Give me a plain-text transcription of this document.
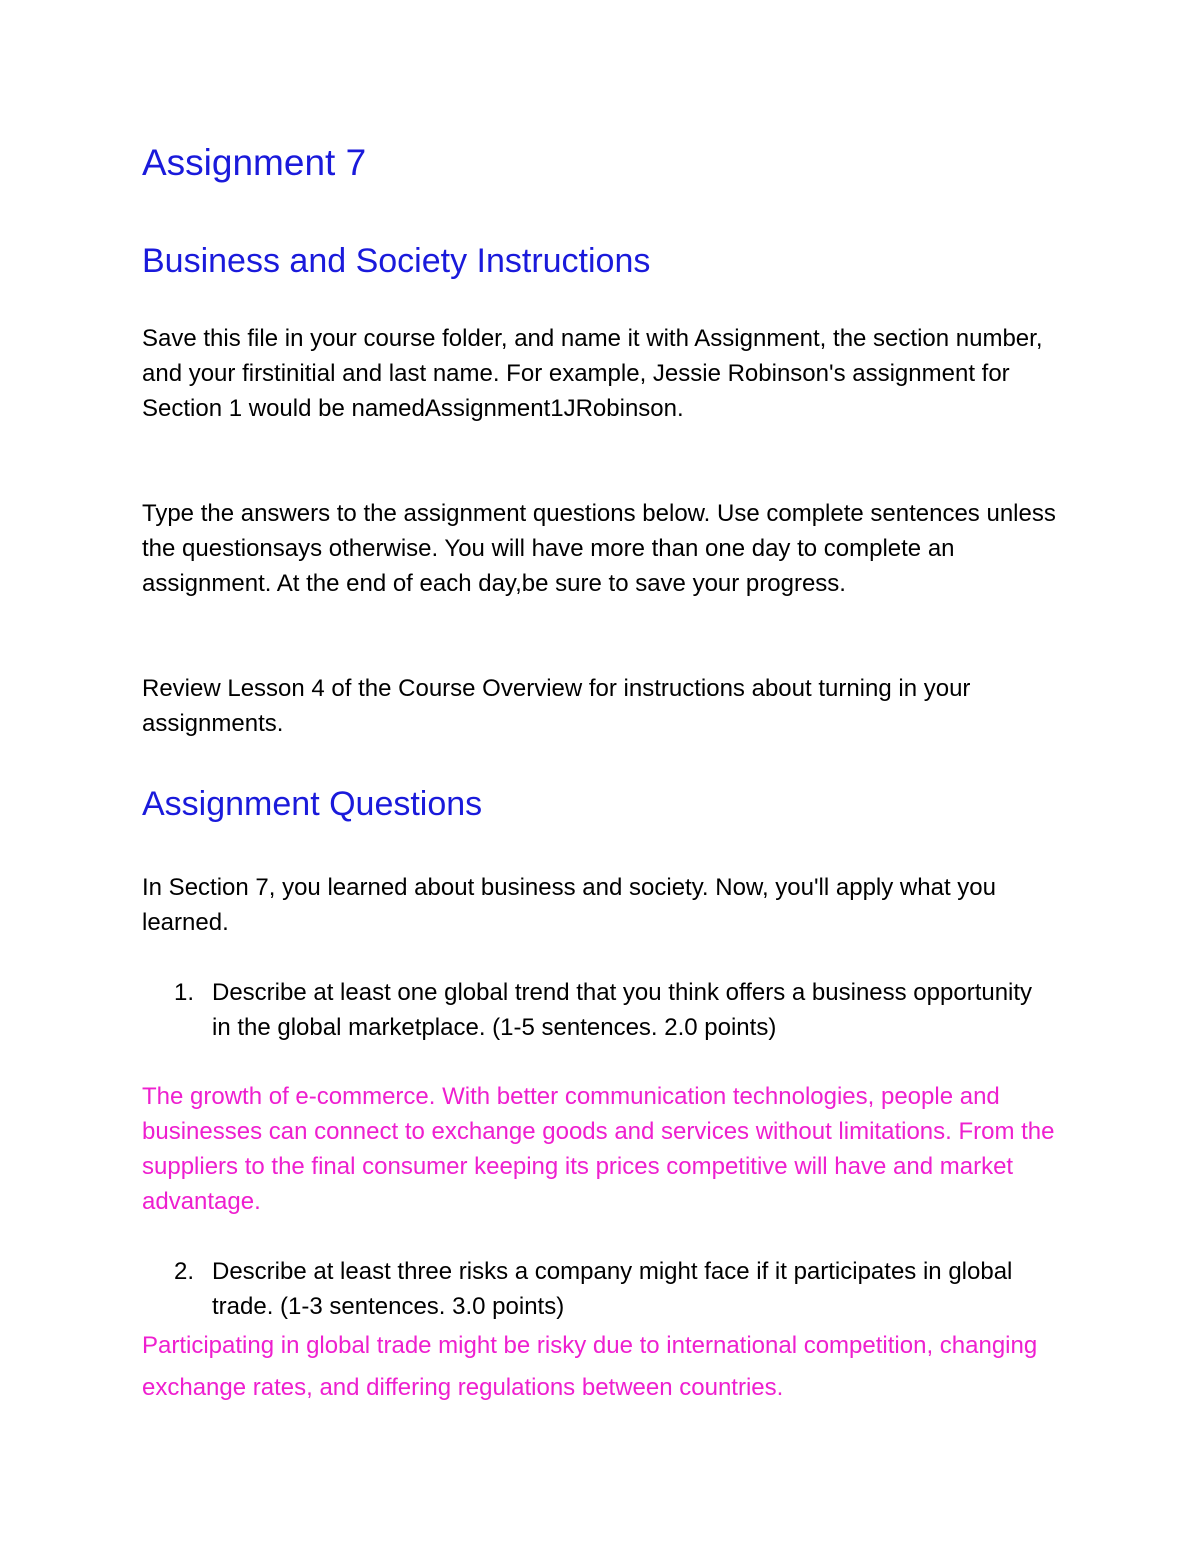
Assignment 7
Business and Society Instructions

Save this file in your course folder, and name it with Assignment, the section number, and your firstinitial and last name. For example, Jessie Robinson's assignment for Section 1 would be namedAssignment1JRobinson.

Type the answers to the assignment questions below. Use complete sentences unless the questionsays otherwise. You will have more than one day to complete an assignment. At the end of each day,be sure to save your progress.

Review Lesson 4 of the Course Overview for instructions about turning in your assignments.

Assignment Questions

In Section 7, you learned about business and society. Now, you'll apply what you learned.

1. Describe at least one global trend that you think offers a business opportunity in the global marketplace. (1-5 sentences. 2.0 points)

The growth of e-commerce. With better communication technologies, people and businesses can connect to exchange goods and services without limitations. From the suppliers to the final consumer keeping its prices competitive will have and market advantage.

2. Describe at least three risks a company might face if it participates in global trade. (1-3 sentences. 3.0 points)

Participating in global trade might be risky due to international competition, changing exchange rates, and differing regulations between countries.
